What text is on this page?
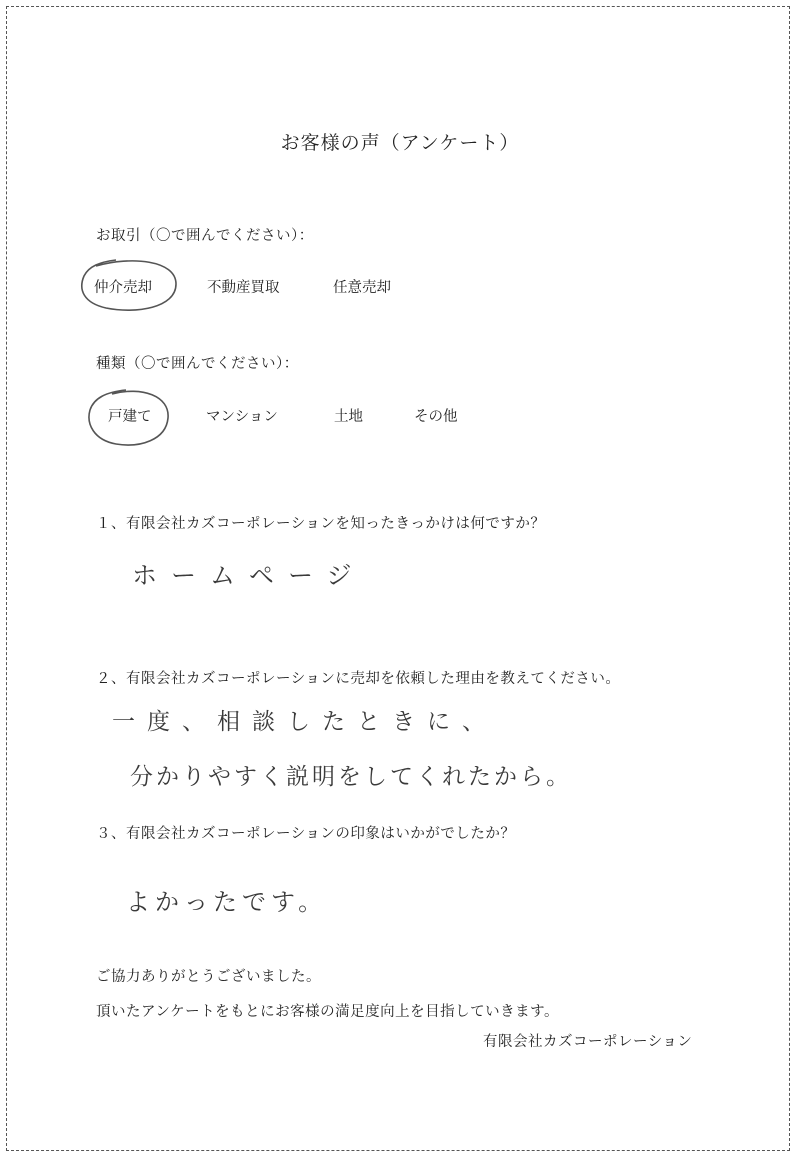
お客様の声（アンケート）
お取引（〇で囲んでください）：
仲介売却	不動産買取	任意売却
種類（〇で囲んでください）：
戸建て	マンション	土地	その他
１、有限会社カズコーポレーションを知ったきっかけは何ですか？
ホームページ
２、有限会社カズコーポレーションに売却を依頼した理由を教えてください。
一度、相談したときに、
分かりやすく説明をしてくれたから。
３、有限会社カズコーポレーションの印象はいかがでしたか？
よかったです。
ご協力ありがとうございました。
頂いたアンケートをもとにお客様の満足度向上を目指していきます。
有限会社カズコーポレーション
